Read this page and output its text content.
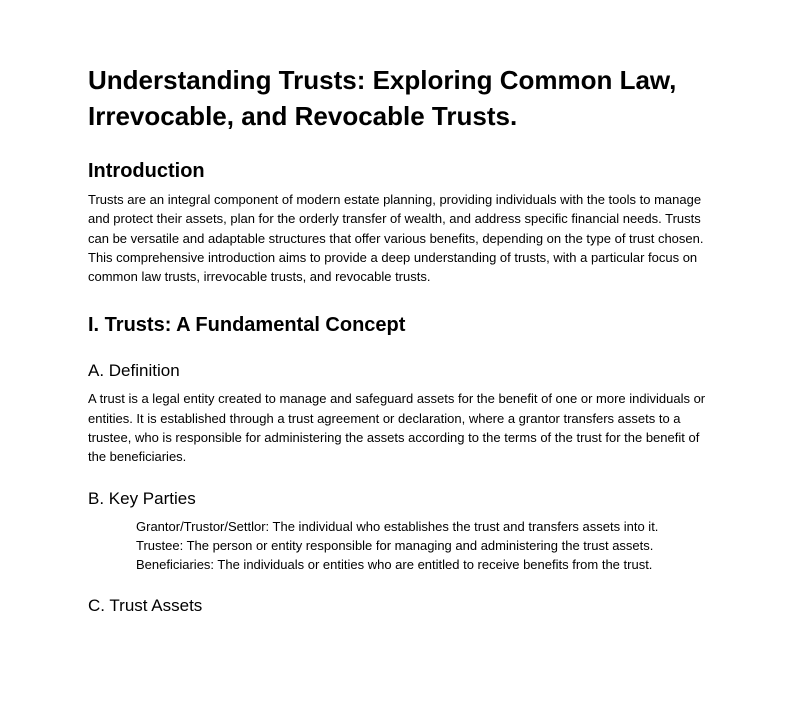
Understanding Trusts: Exploring Common Law, Irrevocable, and Revocable Trusts.
Introduction

Trusts are an integral component of modern estate planning, providing individuals with the tools to manage and protect their assets, plan for the orderly transfer of wealth, and address specific financial needs. Trusts can be versatile and adaptable structures that offer various benefits, depending on the type of trust chosen. This comprehensive introduction aims to provide a deep understanding of trusts, with a particular focus on common law trusts, irrevocable trusts, and revocable trusts.

I. Trusts: A Fundamental Concept
A. Definition

A trust is a legal entity created to manage and safeguard assets for the benefit of one or more individuals or entities. It is established through a trust agreement or declaration, where a grantor transfers assets to a trustee, who is responsible for administering the assets according to the terms of the trust for the benefit of the beneficiaries.

B. Key Parties

Grantor/Trustor/Settlor: The individual who establishes the trust and transfers assets into it.

Trustee: The person or entity responsible for managing and administering the trust assets.

Beneficiaries: The individuals or entities who are entitled to receive benefits from the trust.

C. Trust Assets
